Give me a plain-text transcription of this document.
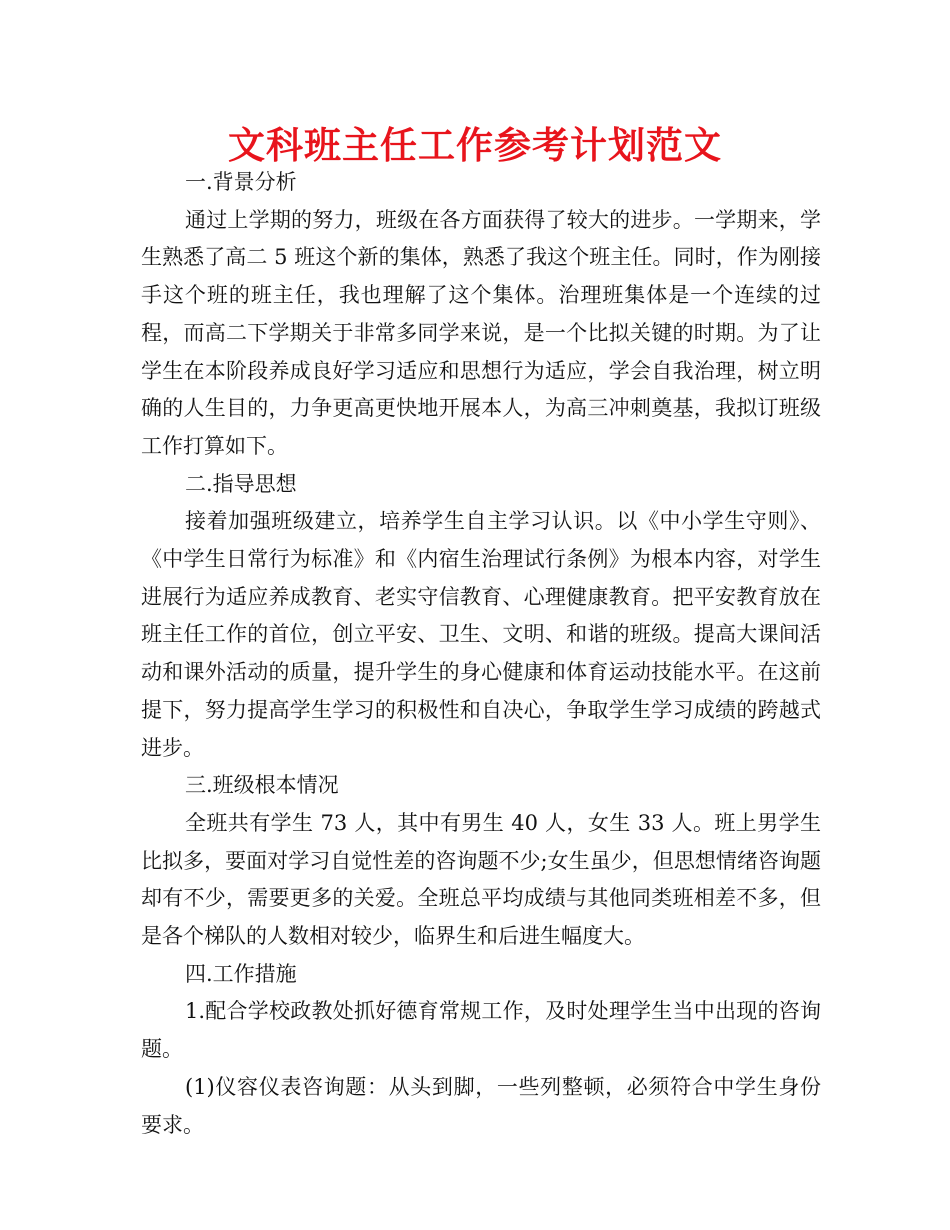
文科班主任工作参考计划范文

一.背景分析

通过上学期的努力，班级在各方面获得了较大的进步。一学期来，学生熟悉了高二 5 班这个新的集体，熟悉了我这个班主任。同时，作为刚接手这个班的班主任，我也理解了这个集体。治理班集体是一个连续的过程，而高二下学期关于非常多同学来说，是一个比拟关键的时期。为了让学生在本阶段养成良好学习适应和思想行为适应，学会自我治理，树立明确的人生目的，力争更高更快地开展本人，为高三冲刺奠基，我拟订班级工作打算如下。

二.指导思想

接着加强班级建立，培养学生自主学习认识。以《中小学生守则》、《中学生日常行为标准》和《内宿生治理试行条例》为根本内容，对学生进展行为适应养成教育、老实守信教育、心理健康教育。把平安教育放在班主任工作的首位，创立平安、卫生、文明、和谐的班级。提高大课间活动和课外活动的质量，提升学生的身心健康和体育运动技能水平。在这前提下，努力提高学生学习的积极性和自决心，争取学生学习成绩的跨越式进步。

三.班级根本情况

全班共有学生 73 人，其中有男生 40 人，女生 33 人。班上男学生比拟多，要面对学习自觉性差的咨询题不少;女生虽少，但思想情绪咨询题却有不少，需要更多的关爱。全班总平均成绩与其他同类班相差不多，但是各个梯队的人数相对较少，临界生和后进生幅度大。

四.工作措施

1.配合学校政教处抓好德育常规工作，及时处理学生当中出现的咨询题。

(1)仪容仪表咨询题：从头到脚，一些列整顿，必须符合中学生身份要求。
